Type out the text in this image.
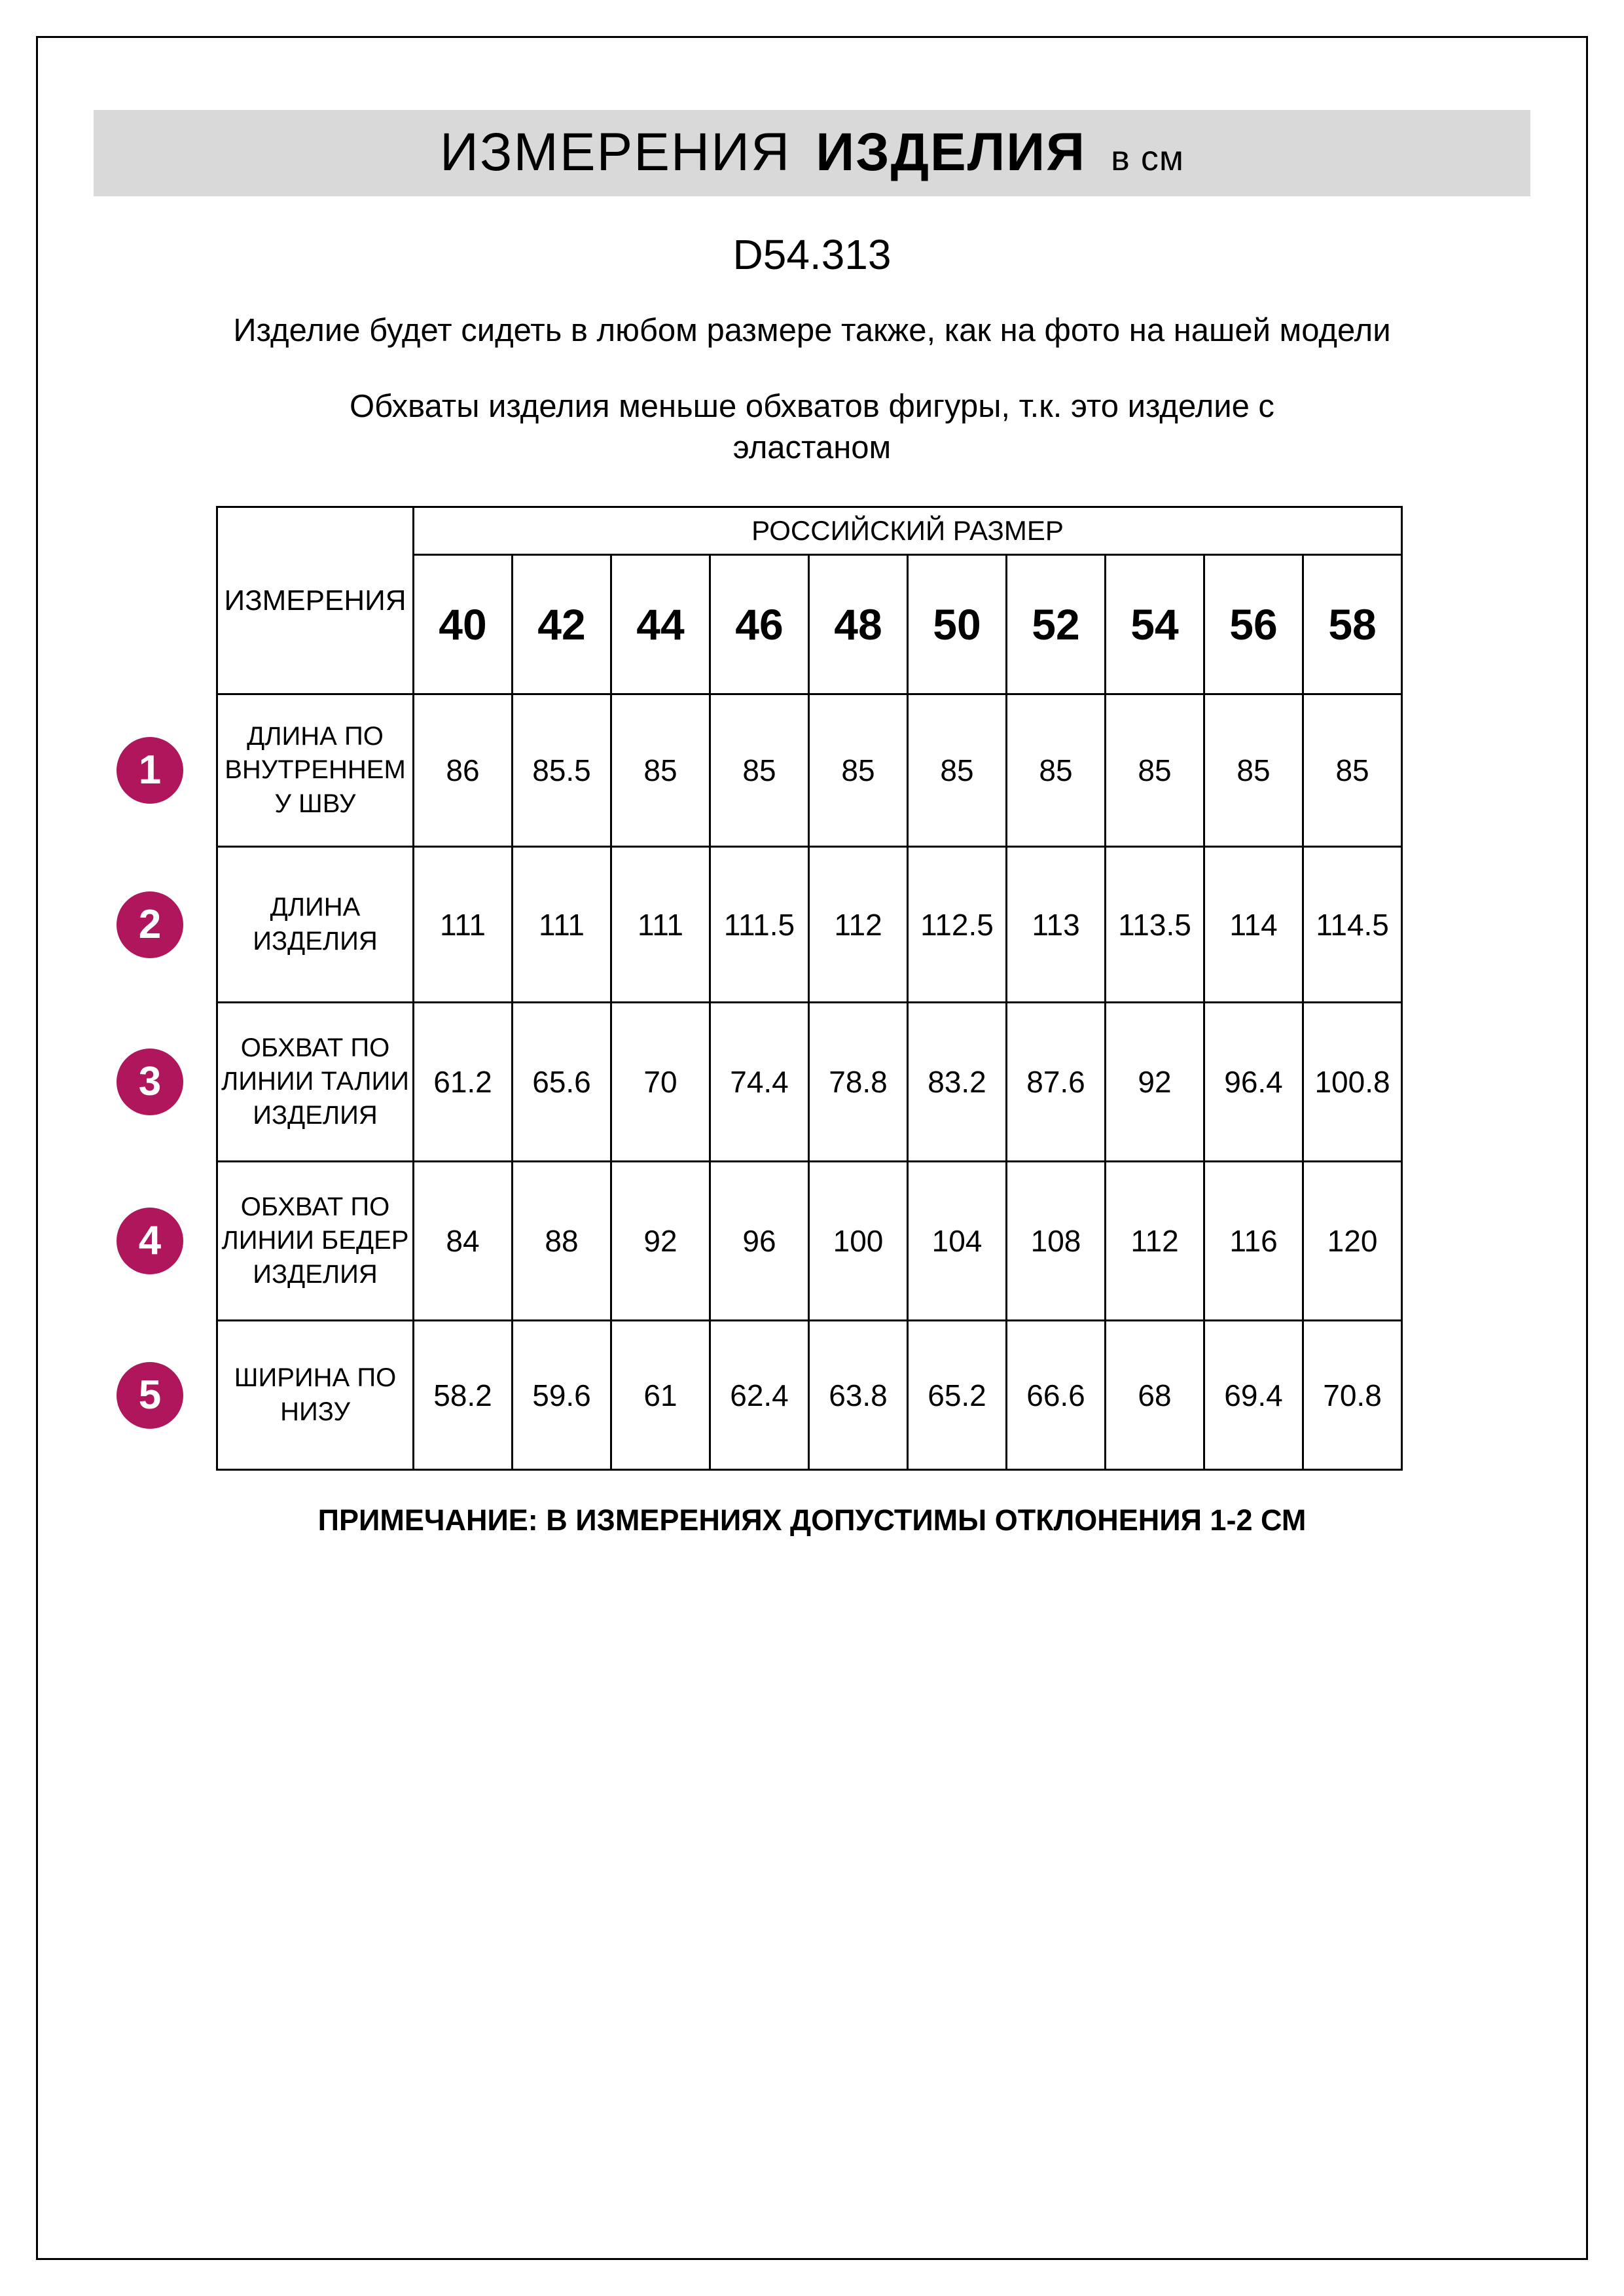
ИЗМЕРЕНИЯ ИЗДЕЛИЯ в см
D54.313

Изделие будет сидеть в любом размере также, как на фото на нашей модели

Обхваты изделия меньше обхватов фигуры, т.к. это изделие с эластаном

ИЗМЕРЕНИЯ	РОССИЙСКИЙ РАЗМЕР									
	40	42	44	46	48	50	52	54	56	58

1
ДЛИНА ПО ВНУТРЕННЕМУ ШВУ	86	85.5	85	85	85	85	85	85	85	85

2 ДЛИНА ИЗДЕЛИЯ	111	111	111	111.5	112	112.5	113	113.5	114	114.5

3
ОБХВАТ ПО ЛИНИИ ТАЛИИ ИЗДЕЛИЯ	61.2	65.6	70	74.4	78.8	83.2	87.6	92	96.4	100.8

4
ОБХВАТ ПО ЛИНИИ БЕДЕР ИЗДЕЛИЯ	84	88	92	96	100	104	108	112	116	120

5 ШИРИНА ПО НИЗУ	58.2	59.6	61	62.4	63.8	65.2	66.6	68	69.4	70.8

ПРИМЕЧАНИЕ: В ИЗМЕРЕНИЯХ ДОПУСТИМЫ ОТКЛОНЕНИЯ 1-2 СМ
